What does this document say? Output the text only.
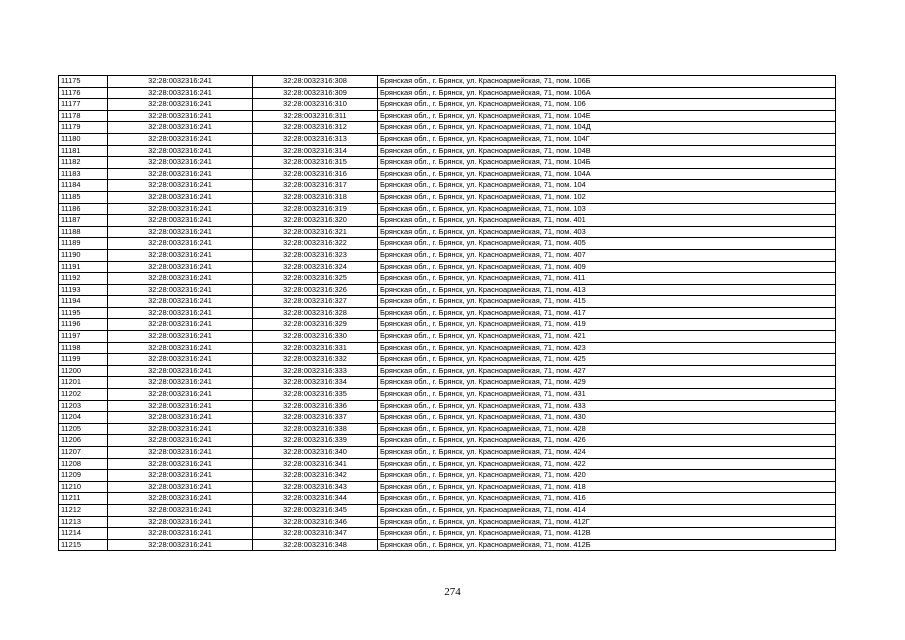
11175	32:28:0032316:241	32:28:0032316:308	Брянская обл., г. Брянск, ул. Красноармейская, 71, пом. 106Б
11176	32:28:0032316:241	32:28:0032316:309	Брянская обл., г. Брянск, ул. Красноармейская, 71, пом. 106А
11177	32:28:0032316:241	32:28:0032316:310	Брянская обл., г. Брянск, ул. Красноармейская, 71, пом. 106
11178	32:28:0032316:241	32:28:0032316:311	Брянская обл., г. Брянск, ул. Красноармейская, 71, пом. 104Е
11179	32:28:0032316:241	32:28:0032316:312	Брянская обл., г. Брянск, ул. Красноармейская, 71, пом. 104Д
11180	32:28:0032316:241	32:28:0032316:313	Брянская обл., г. Брянск, ул. Красноармейская, 71, пом. 104Г
11181	32:28:0032316:241	32:28:0032316:314	Брянская обл., г. Брянск, ул. Красноармейская, 71, пом. 104В
11182	32:28:0032316:241	32:28:0032316:315	Брянская обл., г. Брянск, ул. Красноармейская, 71, пом. 104Б
11183	32:28:0032316:241	32:28:0032316:316	Брянская обл., г. Брянск, ул. Красноармейская, 71, пом. 104А
11184	32:28:0032316:241	32:28:0032316:317	Брянская обл., г. Брянск, ул. Красноармейская, 71, пом. 104
11185	32:28:0032316:241	32:28:0032316:318	Брянская обл., г. Брянск, ул. Красноармейская, 71, пом. 102
11186	32:28:0032316:241	32:28:0032316:319	Брянская обл., г. Брянск, ул. Красноармейская, 71, пом. 103
11187	32:28:0032316:241	32:28:0032316:320	Брянская обл., г. Брянск, ул. Красноармейская, 71, пом. 401
11188	32:28:0032316:241	32:28:0032316:321	Брянская обл., г. Брянск, ул. Красноармейская, 71, пом. 403
11189	32:28:0032316:241	32:28:0032316:322	Брянская обл., г. Брянск, ул. Красноармейская, 71, пом. 405
11190	32:28:0032316:241	32:28:0032316:323	Брянская обл., г. Брянск, ул. Красноармейская, 71, пом. 407
11191	32:28:0032316:241	32:28:0032316:324	Брянская обл., г. Брянск, ул. Красноармейская, 71, пом. 409
11192	32:28:0032316:241	32:28:0032316:325	Брянская обл., г. Брянск, ул. Красноармейская, 71, пом. 411
11193	32:28:0032316:241	32:28:0032316:326	Брянская обл., г. Брянск, ул. Красноармейская, 71, пом. 413
11194	32:28:0032316:241	32:28:0032316:327	Брянская обл., г. Брянск, ул. Красноармейская, 71, пом. 415
11195	32:28:0032316:241	32:28:0032316:328	Брянская обл., г. Брянск, ул. Красноармейская, 71, пом. 417
11196	32:28:0032316:241	32:28:0032316:329	Брянская обл., г. Брянск, ул. Красноармейская, 71, пом. 419
11197	32:28:0032316:241	32:28:0032316:330	Брянская обл., г. Брянск, ул. Красноармейская, 71, пом. 421
11198	32:28:0032316:241	32:28:0032316:331	Брянская обл., г. Брянск, ул. Красноармейская, 71, пом. 423
11199	32:28:0032316:241	32:28:0032316:332	Брянская обл., г. Брянск, ул. Красноармейская, 71, пом. 425
11200	32:28:0032316:241	32:28:0032316:333	Брянская обл., г. Брянск, ул. Красноармейская, 71, пом. 427
11201	32:28:0032316:241	32:28:0032316:334	Брянская обл., г. Брянск, ул. Красноармейская, 71, пом. 429
11202	32:28:0032316:241	32:28:0032316:335	Брянская обл., г. Брянск, ул. Красноармейская, 71, пом. 431
11203	32:28:0032316:241	32:28:0032316:336	Брянская обл., г. Брянск, ул. Красноармейская, 71, пом. 433
11204	32:28:0032316:241	32:28:0032316:337	Брянская обл., г. Брянск, ул. Красноармейская, 71, пом. 430
11205	32:28:0032316:241	32:28:0032316:338	Брянская обл., г. Брянск, ул. Красноармейская, 71, пом. 428
11206	32:28:0032316:241	32:28:0032316:339	Брянская обл., г. Брянск, ул. Красноармейская, 71, пом. 426
11207	32:28:0032316:241	32:28:0032316:340	Брянская обл., г. Брянск, ул. Красноармейская, 71, пом. 424
11208	32:28:0032316:241	32:28:0032316:341	Брянская обл., г. Брянск, ул. Красноармейская, 71, пом. 422
11209	32:28:0032316:241	32:28:0032316:342	Брянская обл., г. Брянск, ул. Красноармейская, 71, пом. 420
11210	32:28:0032316:241	32:28:0032316:343	Брянская обл., г. Брянск, ул. Красноармейская, 71, пом. 418
11211	32:28:0032316:241	32:28:0032316:344	Брянская обл., г. Брянск, ул. Красноармейская, 71, пом. 416
11212	32:28:0032316:241	32:28:0032316:345	Брянская обл., г. Брянск, ул. Красноармейская, 71, пом. 414
11213	32:28:0032316:241	32:28:0032316:346	Брянская обл., г. Брянск, ул. Красноармейская, 71, пом. 412Г
11214	32:28:0032316:241	32:28:0032316:347	Брянская обл., г. Брянск, ул. Красноармейская, 71, пом. 412В
11215	32:28:0032316:241	32:28:0032316:348	Брянская обл., г. Брянск, ул. Красноармейская, 71, пом. 412Б
274
